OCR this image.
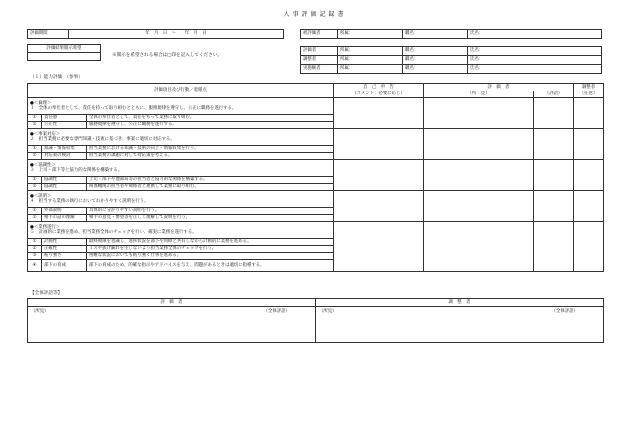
人事評価記録書
評価期間	年　月　日　〜　　年　月　日	被評価者	所属：	職名：	氏名：
評価結果開示希望

※開示を希望される場合は□印を記入してください。
評価者	所属：	職名：	氏名：
調整者	所属：	職名：	氏名：
実施権者	所属：	職名：	氏名：
（１）能力評価　（参事）
評価項目及び行動／着眼点			自　己　申　告	評　価　者		調整者
			（コメント：必要に応じ）	（所　見）	（評語）	（任意）
●＜倫理＞
１　全体の奉仕者として、責任を持って取り組むとともに、服務規律を遵守し、公正に職務を遂行する。						
①	責任感	全体の奉仕者として、責任をもって業務に取り組む。				
②	公正性	服務規律を遵守し、公正に職務を遂行する。				
●＜事案対応＞
２　担当業務に必要な専門知識・技術に基づき、事案に適切に対応する。						
①	知識・情報収集	担当業務における知識・技術の向上・情報収集を行う。				
②	対応策の検討	担当業務の課題に対して対応策を考える。				
●＜協調性＞
３　上司・部下等と協力的な関係を構築する。						
①	協調性	上司・部下や他部局等の担当者と協力的な関係を構築する。				
②	協調性	関係機関の担当者や関係者と連携して業務に取り組む。				
●＜説明＞
４　担当する業務の執行においてわかりやすく説明を行う。						
①	外部説明	具体的に分かりやすい説明を行う。				
②	相手の話の理解	相手の意見・要望等を正しく理解して説明を行う。				
●＜業務遂行＞
５　計画的に業務を進め、担当業務全体のチェックを行い、確実に業務を遂行する。						
①	計画性	最終期限を意識し、進捗状況を部下や同僚と共有しながら計画的に業務を進める。				
②	正確性	ミスや抜け漏れを生じないよう担当業務全体のチェックを行う。				
③	粘り強さ	困難な状況においても粘り強く仕事を進める。				
④	部下の育成	部下の育成のため、的確な指示やアドバイスを与え、問題があるときは適切に指導する。				
【全体評語等】
評　価　者	調　整　者
（所見） （全体評語）	（所見） （全体評語）
